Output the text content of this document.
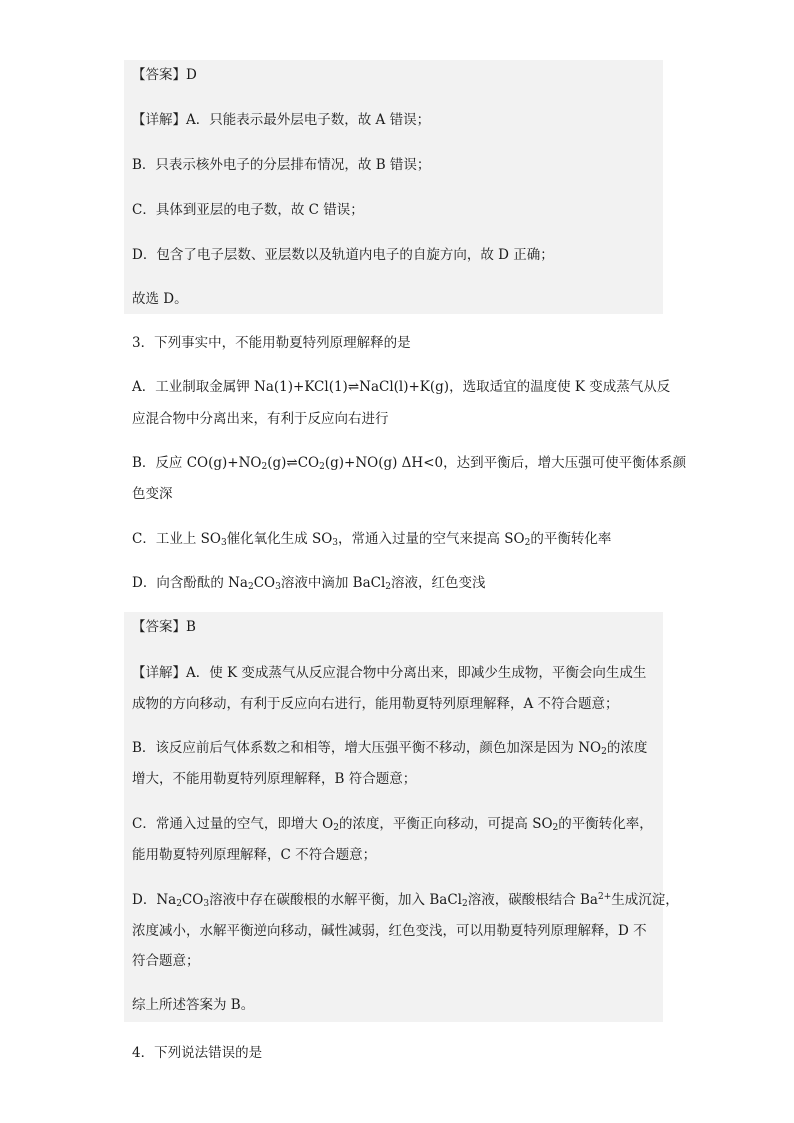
【答案】D

【详解】A．只能表示最外层电子数，故 A 错误；

B．只表示核外电子的分层排布情况，故 B 错误；

C．具体到亚层的电子数，故 C 错误；

D．包含了电子层数、亚层数以及轨道内电子的自旋方向，故 D 正确；

故选 D。

3．下列事实中，不能用勒夏特列原理解释的是

A．工业制取金属钾 Na(1)+KCl(1)⇌NaCl(l)+K(g)，选取适宜的温度使 K 变成蒸气从反

应混合物中分离出来，有利于反应向右进行

B．反应 $CO(g)+NO_2(g)\rightleftharpoons CO_2(g)+NO(g)$ ΔH<0，达到平衡后，增大压强可使平衡体系颜

色变深

C．工业上 $SO_3$催化氧化生成 $SO_3$，常通入过量的空气来提高 $SO_2$的平衡转化率

D．向含酚酞的 $Na_2CO_3$溶液中滴加 BaCl$_2$溶液，红色变浅

【答案】B

【详解】A．使 K 变成蒸气从反应混合物中分离出来，即减少生成物，平衡会向生成生

成物的方向移动，有利于反应向右进行，能用勒夏特列原理解释，A 不符合题意；

B．该反应前后气体系数之和相等，增大压强平衡不移动，颜色加深是因为 $NO_2$的浓度

增大，不能用勒夏特列原理解释，B 符合题意；

C．常通入过量的空气，即增大 $O_2$的浓度，平衡正向移动，可提高 $SO_2$的平衡转化率，

能用勒夏特列原理解释，C 不符合题意；

D．$Na_2CO_3$溶液中存在碳酸根的水解平衡，加入 BaCl$_2$溶液，碳酸根结合 $Ba^{2+}$生成沉淀，

浓度减小，水解平衡逆向移动，碱性减弱，红色变浅，可以用勒夏特列原理解释，D 不

符合题意；

综上所述答案为 B。

4．下列说法错误的是
